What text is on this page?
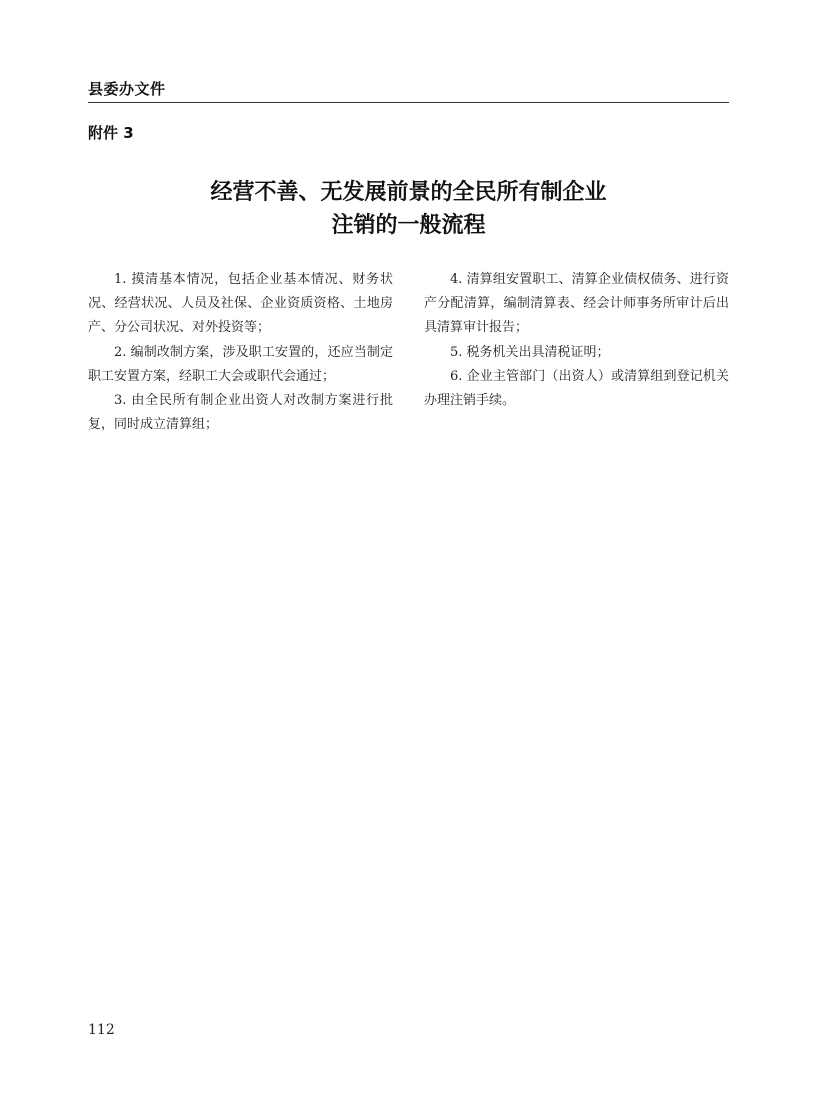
县委办文件
附件 3
经营不善、无发展前景的全民所有制企业
注销的一般流程

1. 摸清基本情况，包括企业基本情况、财务状况、经营状况、人员及社保、企业资质资格、土地房产、分公司状况、对外投资等；

2. 编制改制方案，涉及职工安置的，还应当制定职工安置方案，经职工大会或职代会通过；

3. 由全民所有制企业出资人对改制方案进行批复，同时成立清算组；

4. 清算组安置职工、清算企业债权债务、进行资产分配清算，编制清算表、经会计师事务所审计后出具清算审计报告；

5. 税务机关出具清税证明；

6. 企业主管部门（出资人）或清算组到登记机关办理注销手续。

112
